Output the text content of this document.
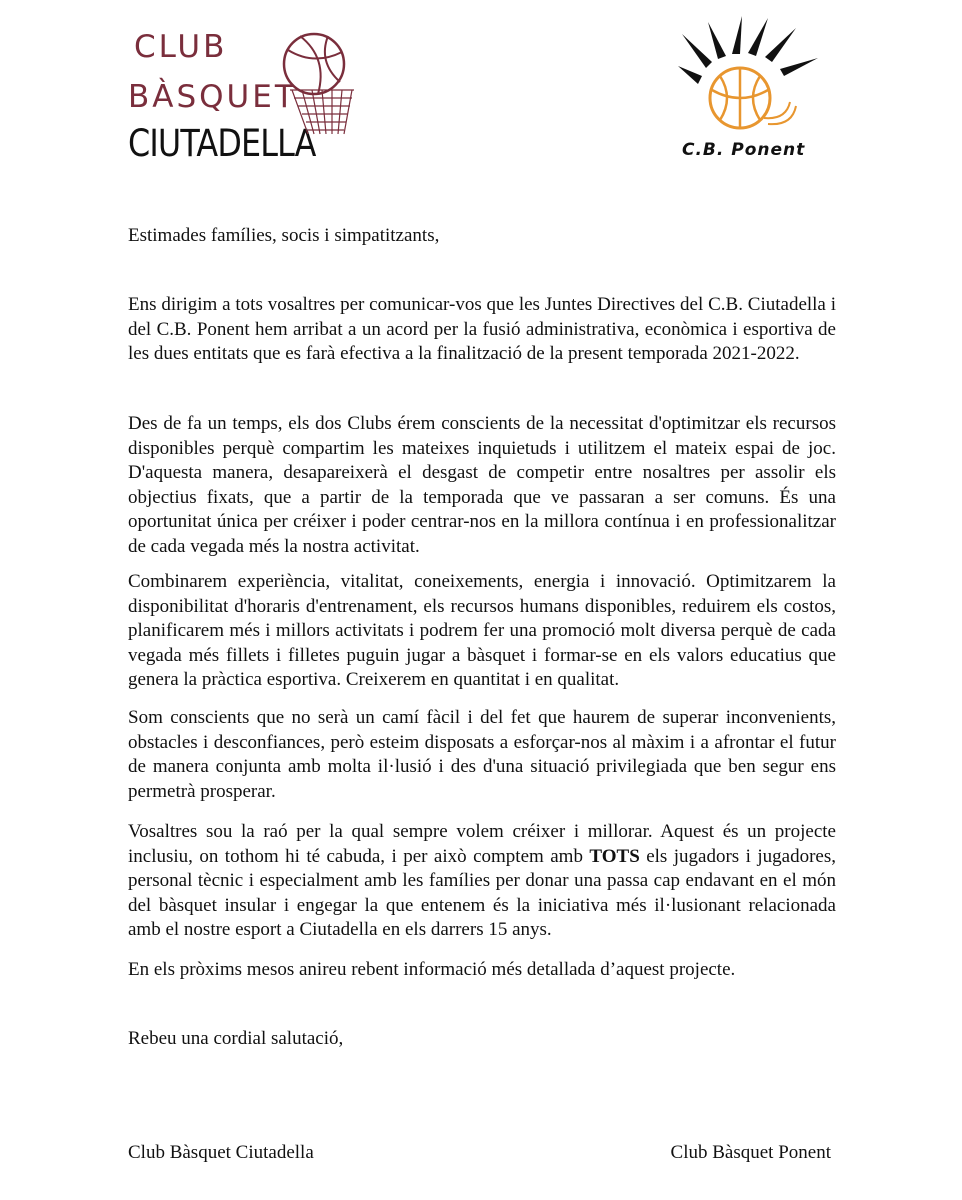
CLUB
BÀSQUET
CIUTADELLA	C.B. Ponent

Estimades famílies, socis i simpatitzants,

Ens dirigim a tots vosaltres per comunicar-vos que les Juntes Directives del C.B. Ciutadella i del C.B. Ponent hem arribat a un acord per la fusió administrativa, econòmica i esportiva de les dues entitats que es farà efectiva a la finalització de la present temporada 2021-2022.

Des de fa un temps, els dos Clubs érem conscients de la necessitat d'optimitzar els recursos disponibles perquè compartim les mateixes inquietuds i utilitzem el mateix espai de joc. D'aquesta manera, desapareixerà el desgast de competir entre nosaltres per assolir els objectius fixats, que a partir de la temporada que ve passaran a ser comuns. És una oportunitat única per créixer i poder centrar-nos en la millora contínua i en professionalitzar de cada vegada més la nostra activitat.

Combinarem experiència, vitalitat, coneixements, energia i innovació. Optimitzarem la disponibilitat d'horaris d'entrenament, els recursos humans disponibles, reduirem els costos, planificarem més i millors activitats i podrem fer una promoció molt diversa perquè de cada vegada més fillets i filletes puguin jugar a bàsquet i formar-se en els valors educatius que genera la pràctica esportiva. Creixerem en quantitat i en qualitat.

Som conscients que no serà un camí fàcil i del fet que haurem de superar inconvenients, obstacles i desconfiances, però esteim disposats a esforçar-nos al màxim i a afrontar el futur de manera conjunta amb molta il·lusió i des d'una situació privilegiada que ben segur ens permetrà prosperar.

Vosaltres sou la raó per la qual sempre volem créixer i millorar. Aquest és un projecte inclusiu, on tothom hi té cabuda, i per això comptem amb TOTS els jugadors i jugadores, personal tècnic i especialment amb les famílies per donar una passa cap endavant en el món del bàsquet insular i engegar la que entenem és la iniciativa més il·lusionant relacionada amb el nostre esport a Ciutadella en els darrers 15 anys.

En els pròxims mesos anireu rebent informació més detallada d’aquest projecte.

Rebeu una cordial salutació,

Club Bàsquet Ciutadella	Club Bàsquet Ponent
